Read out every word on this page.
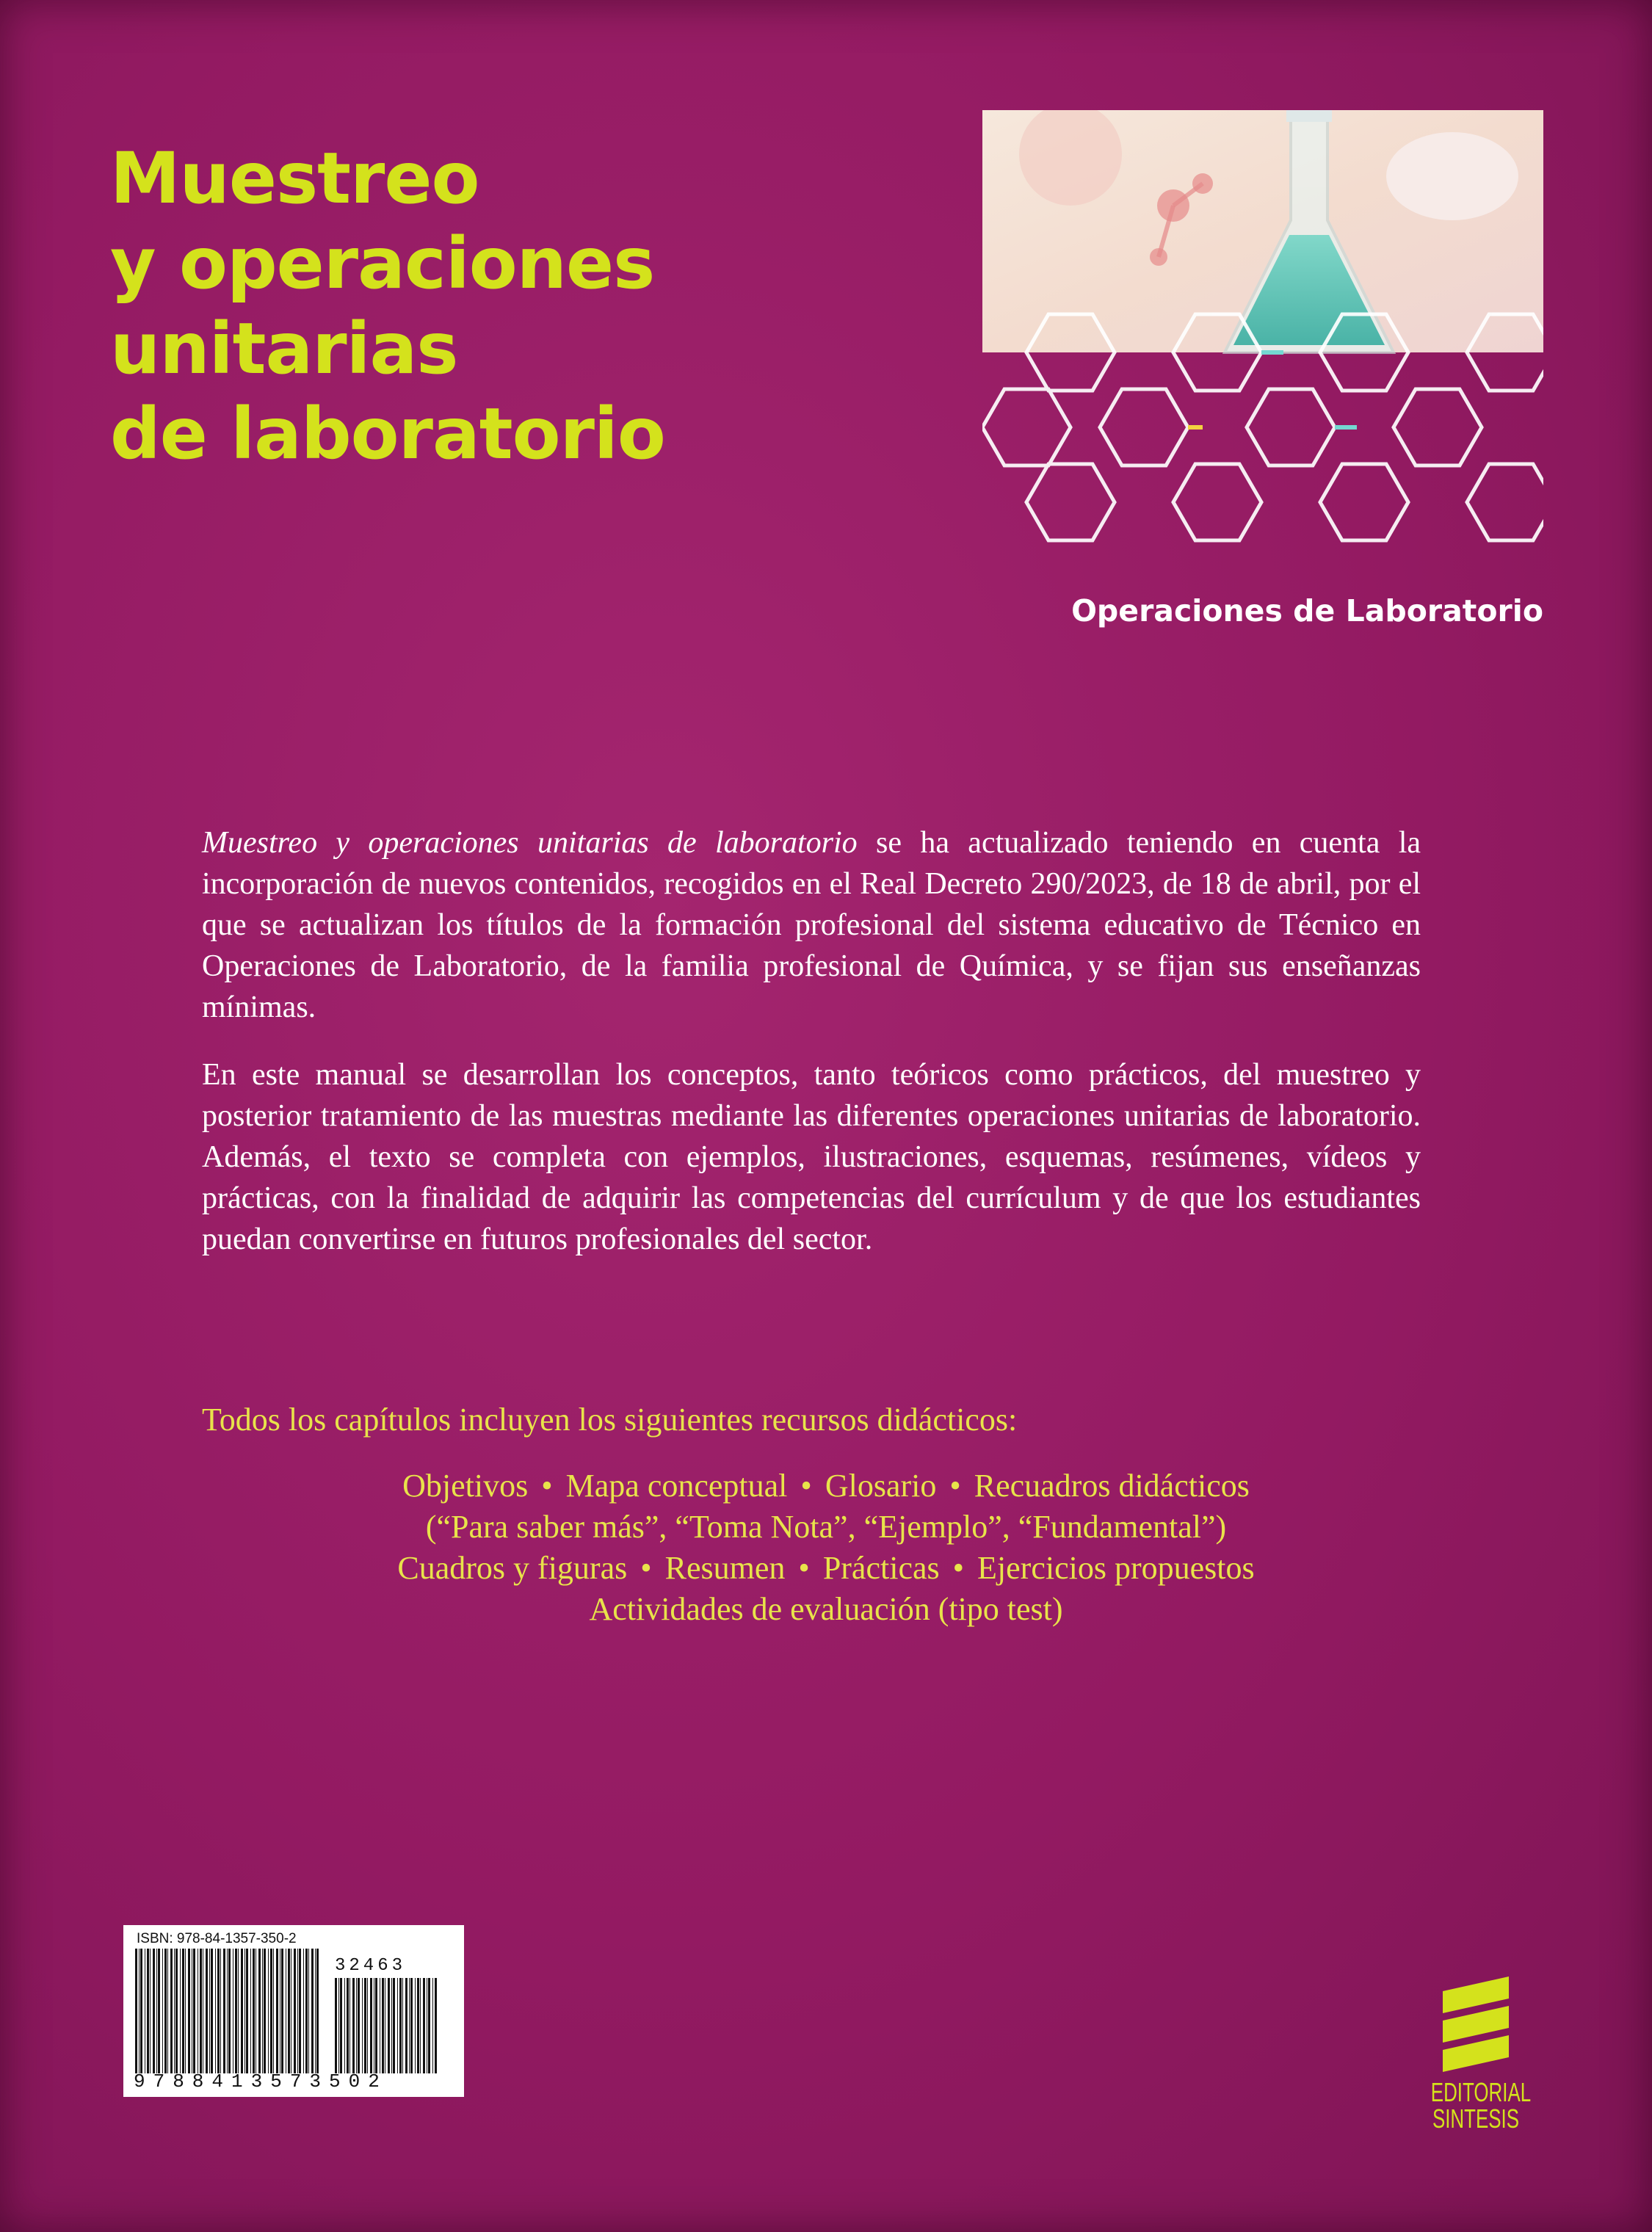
Muestreo
y operaciones
unitarias
de laboratorio
Operaciones de Laboratorio

Muestreo y operaciones unitarias de laboratorio se ha actualizado teniendo en cuenta la incorporación de nuevos contenidos, recogidos en el Real Decreto 290/2023, de 18 de abril, por el que se actualizan los títulos de la formación profesional del sistema educativo de Técnico en Operaciones de Laboratorio, de la familia profesional de Química, y se fijan sus enseñanzas mínimas.

En este manual se desarrollan los conceptos, tanto teóricos como prácticos, del muestreo y posterior tratamiento de las muestras mediante las diferentes operaciones unitarias de laboratorio. Además, el texto se completa con ejemplos, ilustraciones, esquemas, resúmenes, vídeos y prácticas, con la finalidad de adquirir las competencias del currículum y de que los estudiantes puedan convertirse en futuros profesionales del sector.

Todos los capítulos incluyen los siguientes recursos didácticos:
Objetivos • Mapa conceptual • Glosario • Recuadros didácticos
(“Para saber más”, “Toma Nota”, “Ejemplo”, “Fundamental”)
Cuadros y figuras • Resumen • Prácticas • Ejercicios propuestos
Actividades de evaluación (tipo test)
ISBN: 978-84-1357-350-2
32463
9788413573502	EDITORIAL
SINTESIS
